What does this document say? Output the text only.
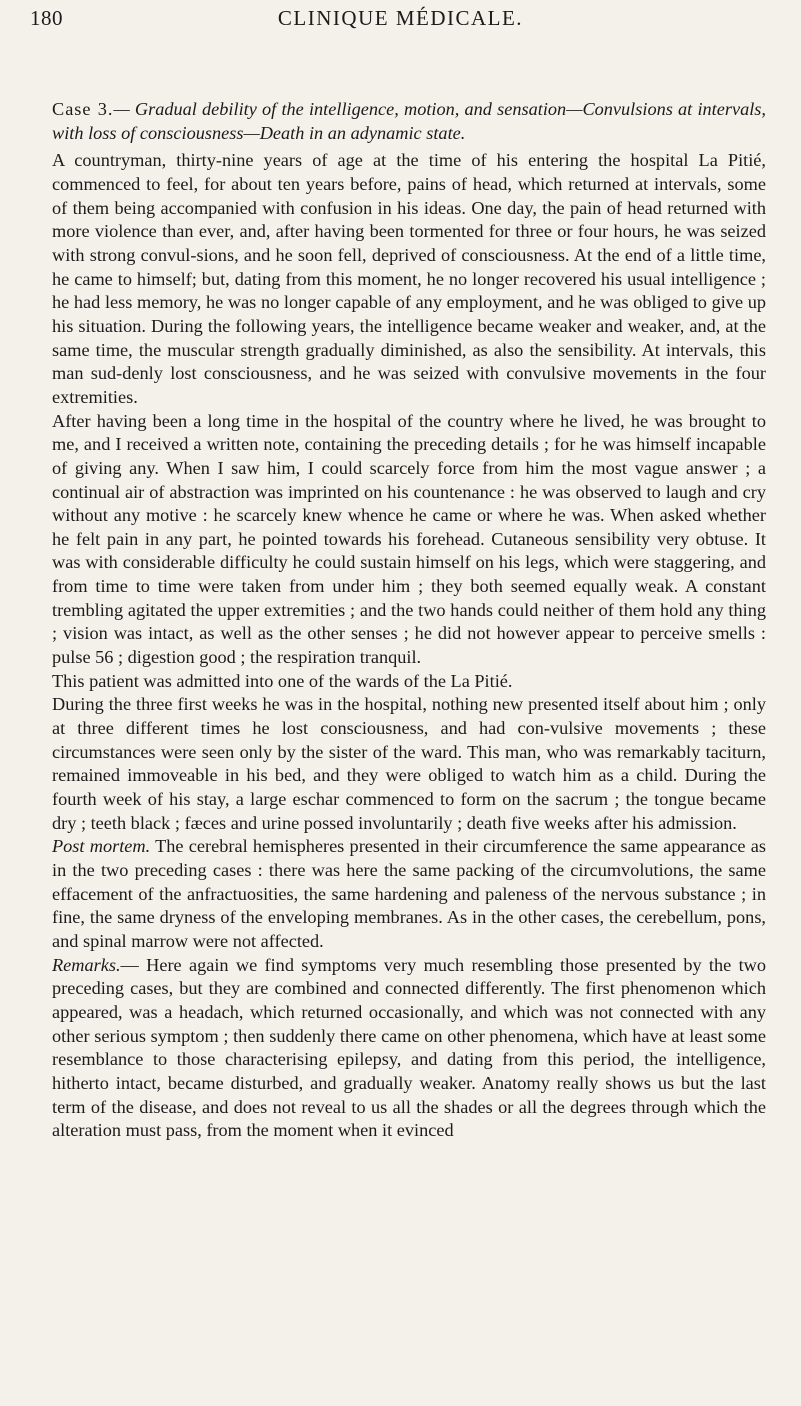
180	CLINIQUE MÉDICALE.

Case 3.— Gradual debility of the intelligence, motion, and sensation—Convulsions at intervals, with loss of consciousness—Death in an adynamic state.

A countryman, thirty-nine years of age at the time of his entering the hospital La Pitié, commenced to feel, for about ten years before, pains of head, which returned at intervals, some of them being accompanied with confusion in his ideas. One day, the pain of head returned with more violence than ever, and, after having been tormented for three or four hours, he was seized with strong convul-sions, and he soon fell, deprived of consciousness. At the end of a little time, he came to himself; but, dating from this moment, he no longer recovered his usual intelligence ; he had less memory, he was no longer capable of any employment, and he was obliged to give up his situation. During the following years, the intelligence became weaker and weaker, and, at the same time, the muscular strength gradually diminished, as also the sensibility. At intervals, this man sud-denly lost consciousness, and he was seized with convulsive movements in the four extremities.

After having been a long time in the hospital of the country where he lived, he was brought to me, and I received a written note, containing the preceding details ; for he was himself incapable of giving any. When I saw him, I could scarcely force from him the most vague answer ; a continual air of abstraction was imprinted on his countenance : he was observed to laugh and cry without any motive : he scarcely knew whence he came or where he was. When asked whether he felt pain in any part, he pointed towards his forehead. Cutaneous sensibility very obtuse. It was with considerable difficulty he could sustain himself on his legs, which were staggering, and from time to time were taken from under him ; they both seemed equally weak. A constant trembling agitated the upper extremities ; and the two hands could neither of them hold any thing ; vision was intact, as well as the other senses ; he did not however appear to perceive smells : pulse 56 ; digestion good ; the respiration tranquil.

This patient was admitted into one of the wards of the La Pitié.

During the three first weeks he was in the hospital, nothing new presented itself about him ; only at three different times he lost consciousness, and had con-vulsive movements ; these circumstances were seen only by the sister of the ward. This man, who was remarkably taciturn, remained immoveable in his bed, and they were obliged to watch him as a child. During the fourth week of his stay, a large eschar commenced to form on the sacrum ; the tongue became dry ; teeth black ; fæces and urine possed involuntarily ; death five weeks after his admission.

Post mortem. The cerebral hemispheres presented in their circumference the same appearance as in the two preceding cases : there was here the same packing of the circumvolutions, the same effacement of the anfractuosities, the same hardening and paleness of the nervous substance ; in fine, the same dryness of the enveloping membranes. As in the other cases, the cerebellum, pons, and spinal marrow were not affected.

Remarks.— Here again we find symptoms very much resembling those presented by the two preceding cases, but they are combined and connected differently. The first phenomenon which appeared, was a headach, which returned occasionally, and which was not connected with any other serious symptom ; then suddenly there came on other phenomena, which have at least some resemblance to those characterising epilepsy, and dating from this period, the intelligence, hitherto intact, became disturbed, and gradually weaker. Anatomy really shows us but the last term of the disease, and does not reveal to us all the shades or all the degrees through which the alteration must pass, from the moment when it evinced
